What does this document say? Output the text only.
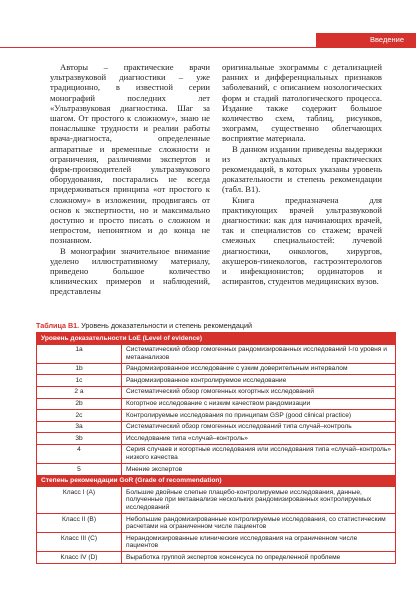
Введение

Авторы – практические врачи ультразвуковой диагностики – уже традиционно, в известной серии монографий последних лет «Ультразвуковая диагностика. Шаг за шагом. От простого к сложному», знаю не понаслышке трудности и реалии работы врача-диагноста, определенные аппаратные и временные сложности и ограничения, различиями экспертов и фирм-производителей ультразвукового оборудования, постарались не всегда придерживаться принципа «от простого к сложному» в изложении, продвигаясь от основ к экспертности, но и максимально доступно и просто писать о сложном и непростом, непонятном и до конца не познанном.

В монографии значительное внимание уделено иллюстративному материалу, приведено большое количество клинических примеров и наблюдений, представлены

оригинальные эхограммы с детализацией ранних и дифференциальных признаков заболеваний, с описанием нозологических форм и стадий патологического процесса. Издание также содержит большое количество схем, таблиц, рисунков, эхограмм, существенно облегчающих восприятие материала.

В данном издании приведены выдержки из актуальных практических рекомендаций, в которых указаны уровень доказательности и степень рекомендации (табл. В1).

Книга предназначена для практикующих врачей ультразвуковой диагностики: как для начинающих врачей, так и специалистов со стажем; врачей смежных специальностей: лучевой диагностики, онкологов, хирургов, акушеров-гинекологов, гастроэнтерологов и инфекционистов; ординаторов и аспирантов, студентов медицинских вузов.

Таблица В1. Уровень доказательности и степень рекомендаций
Уровень доказательности LoE (Level of evidence)	
1a	Систематический обзор гомогенных рандомизированных исследований I-го уровня и метаанализов
1b	Рандомизированное исследование с узким доверительным интервалом
1c	Рандомизированное контролируемое исследование
2 a	Систематический обзор гомогенных когортных исследований
2b	Когортное исследование с низким качеством рандомизации
2c	Контролируемые исследования по принципам GSP (good clinical practice)
3a	Систематический обзор гомогенных исследований типа случай–контроль
3b	Исследование типа «случай–контроль»
4	Серия случаев и когортные исследования или исследования типа «случай–контроль» низкого качества
5	Мнение экспертов
Степень рекомендации GoR (Grade of recommendation)	
Класс I (А)	Большие двойные слепые плацебо-контролируемые исследования, данные, полученные при метаанализе нескольких рандомизированных контролируемых исследований
Класс II (B)	Небольшие рандомизированные контролируемые исследования, со статистическим расчетами на ограниченном числе пациентов
Класс III (C)	Нерандомизированные клинические исследования на ограниченном числе пациентов
Класс IV (D)	Выработка группой экспертов консенсуса по определенной проблеме
